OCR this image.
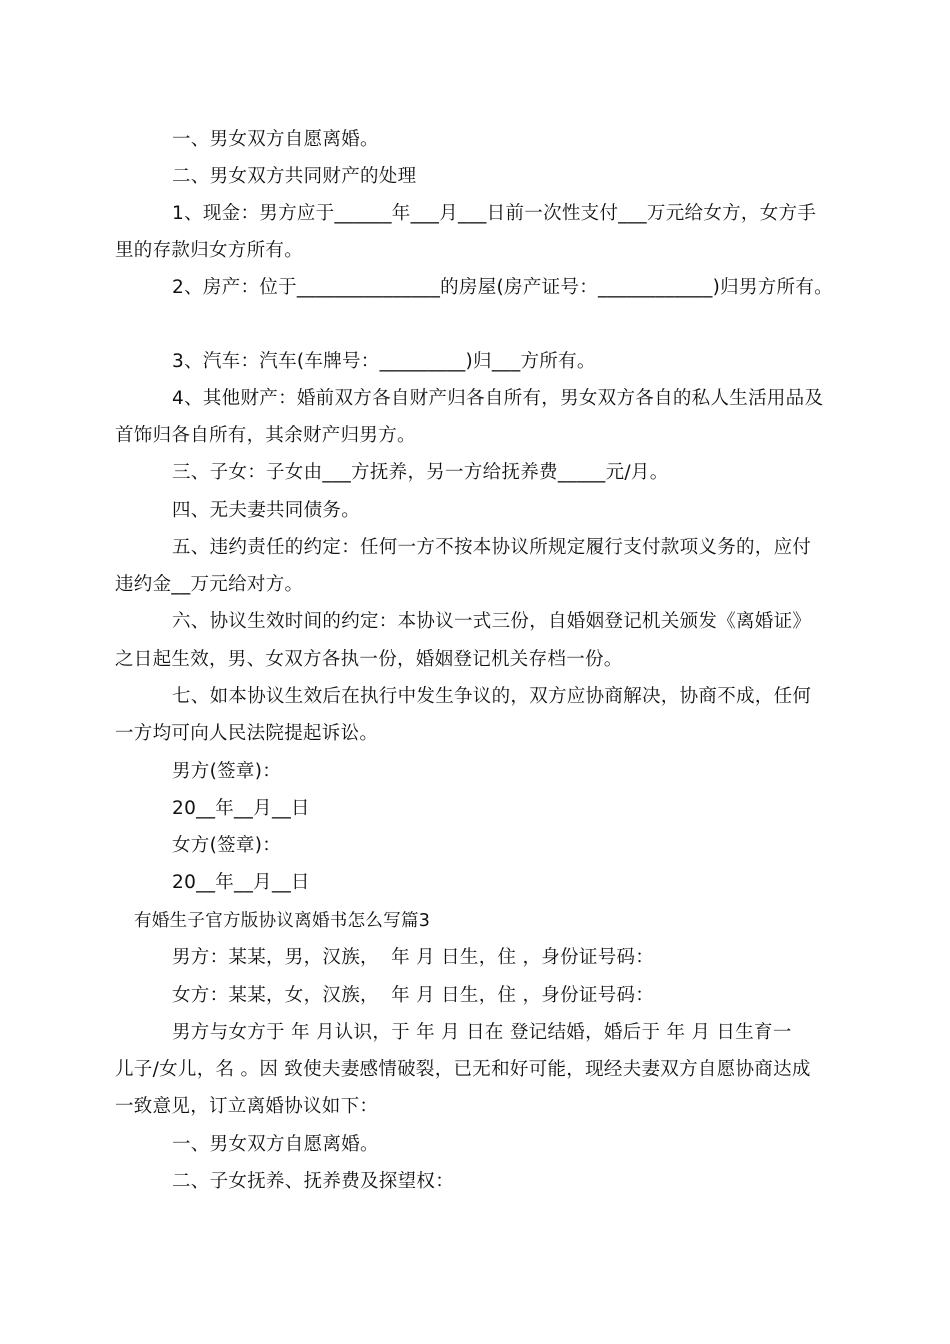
一、男女双方自愿离婚。
二、男女双方共同财产的处理
1、现金：男方应于______年___月___日前一次性支付___万元给女方，女方手
里的存款归女方所有。
2、房产：位于_______________的房屋(房产证号：____________)归男方所有。
3、汽车：汽车(车牌号：_________)归___方所有。
4、其他财产：婚前双方各自财产归各自所有，男女双方各自的私人生活用品及
首饰归各自所有，其余财产归男方。
三、子女：子女由___方抚养，另一方给抚养费_____元/月。
四、无夫妻共同债务。
五、违约责任的约定：任何一方不按本协议所规定履行支付款项义务的，应付
违约金__万元给对方。
六、协议生效时间的约定：本协议一式三份，自婚姻登记机关颁发《离婚证》
之日起生效，男、女双方各执一份，婚姻登记机关存档一份。
七、如本协议生效后在执行中发生争议的，双方应协商解决，协商不成，任何
一方均可向人民法院提起诉讼。
男方(签章)：
20__年__月__日
女方(签章)：
20__年__月__日
有婚生子官方版协议离婚书怎么写篇3
男方：某某，男，汉族，  年 月 日生，住 ，身份证号码：
女方：某某，女，汉族，  年 月 日生，住 ，身份证号码：
男方与女方于 年 月认识，于 年 月 日在 登记结婚，婚后于 年 月 日生育一
儿子/女儿，名 。因 致使夫妻感情破裂，已无和好可能，现经夫妻双方自愿协商达成
一致意见，订立离婚协议如下：
一、男女双方自愿离婚。
二、子女抚养、抚养费及探望权：
